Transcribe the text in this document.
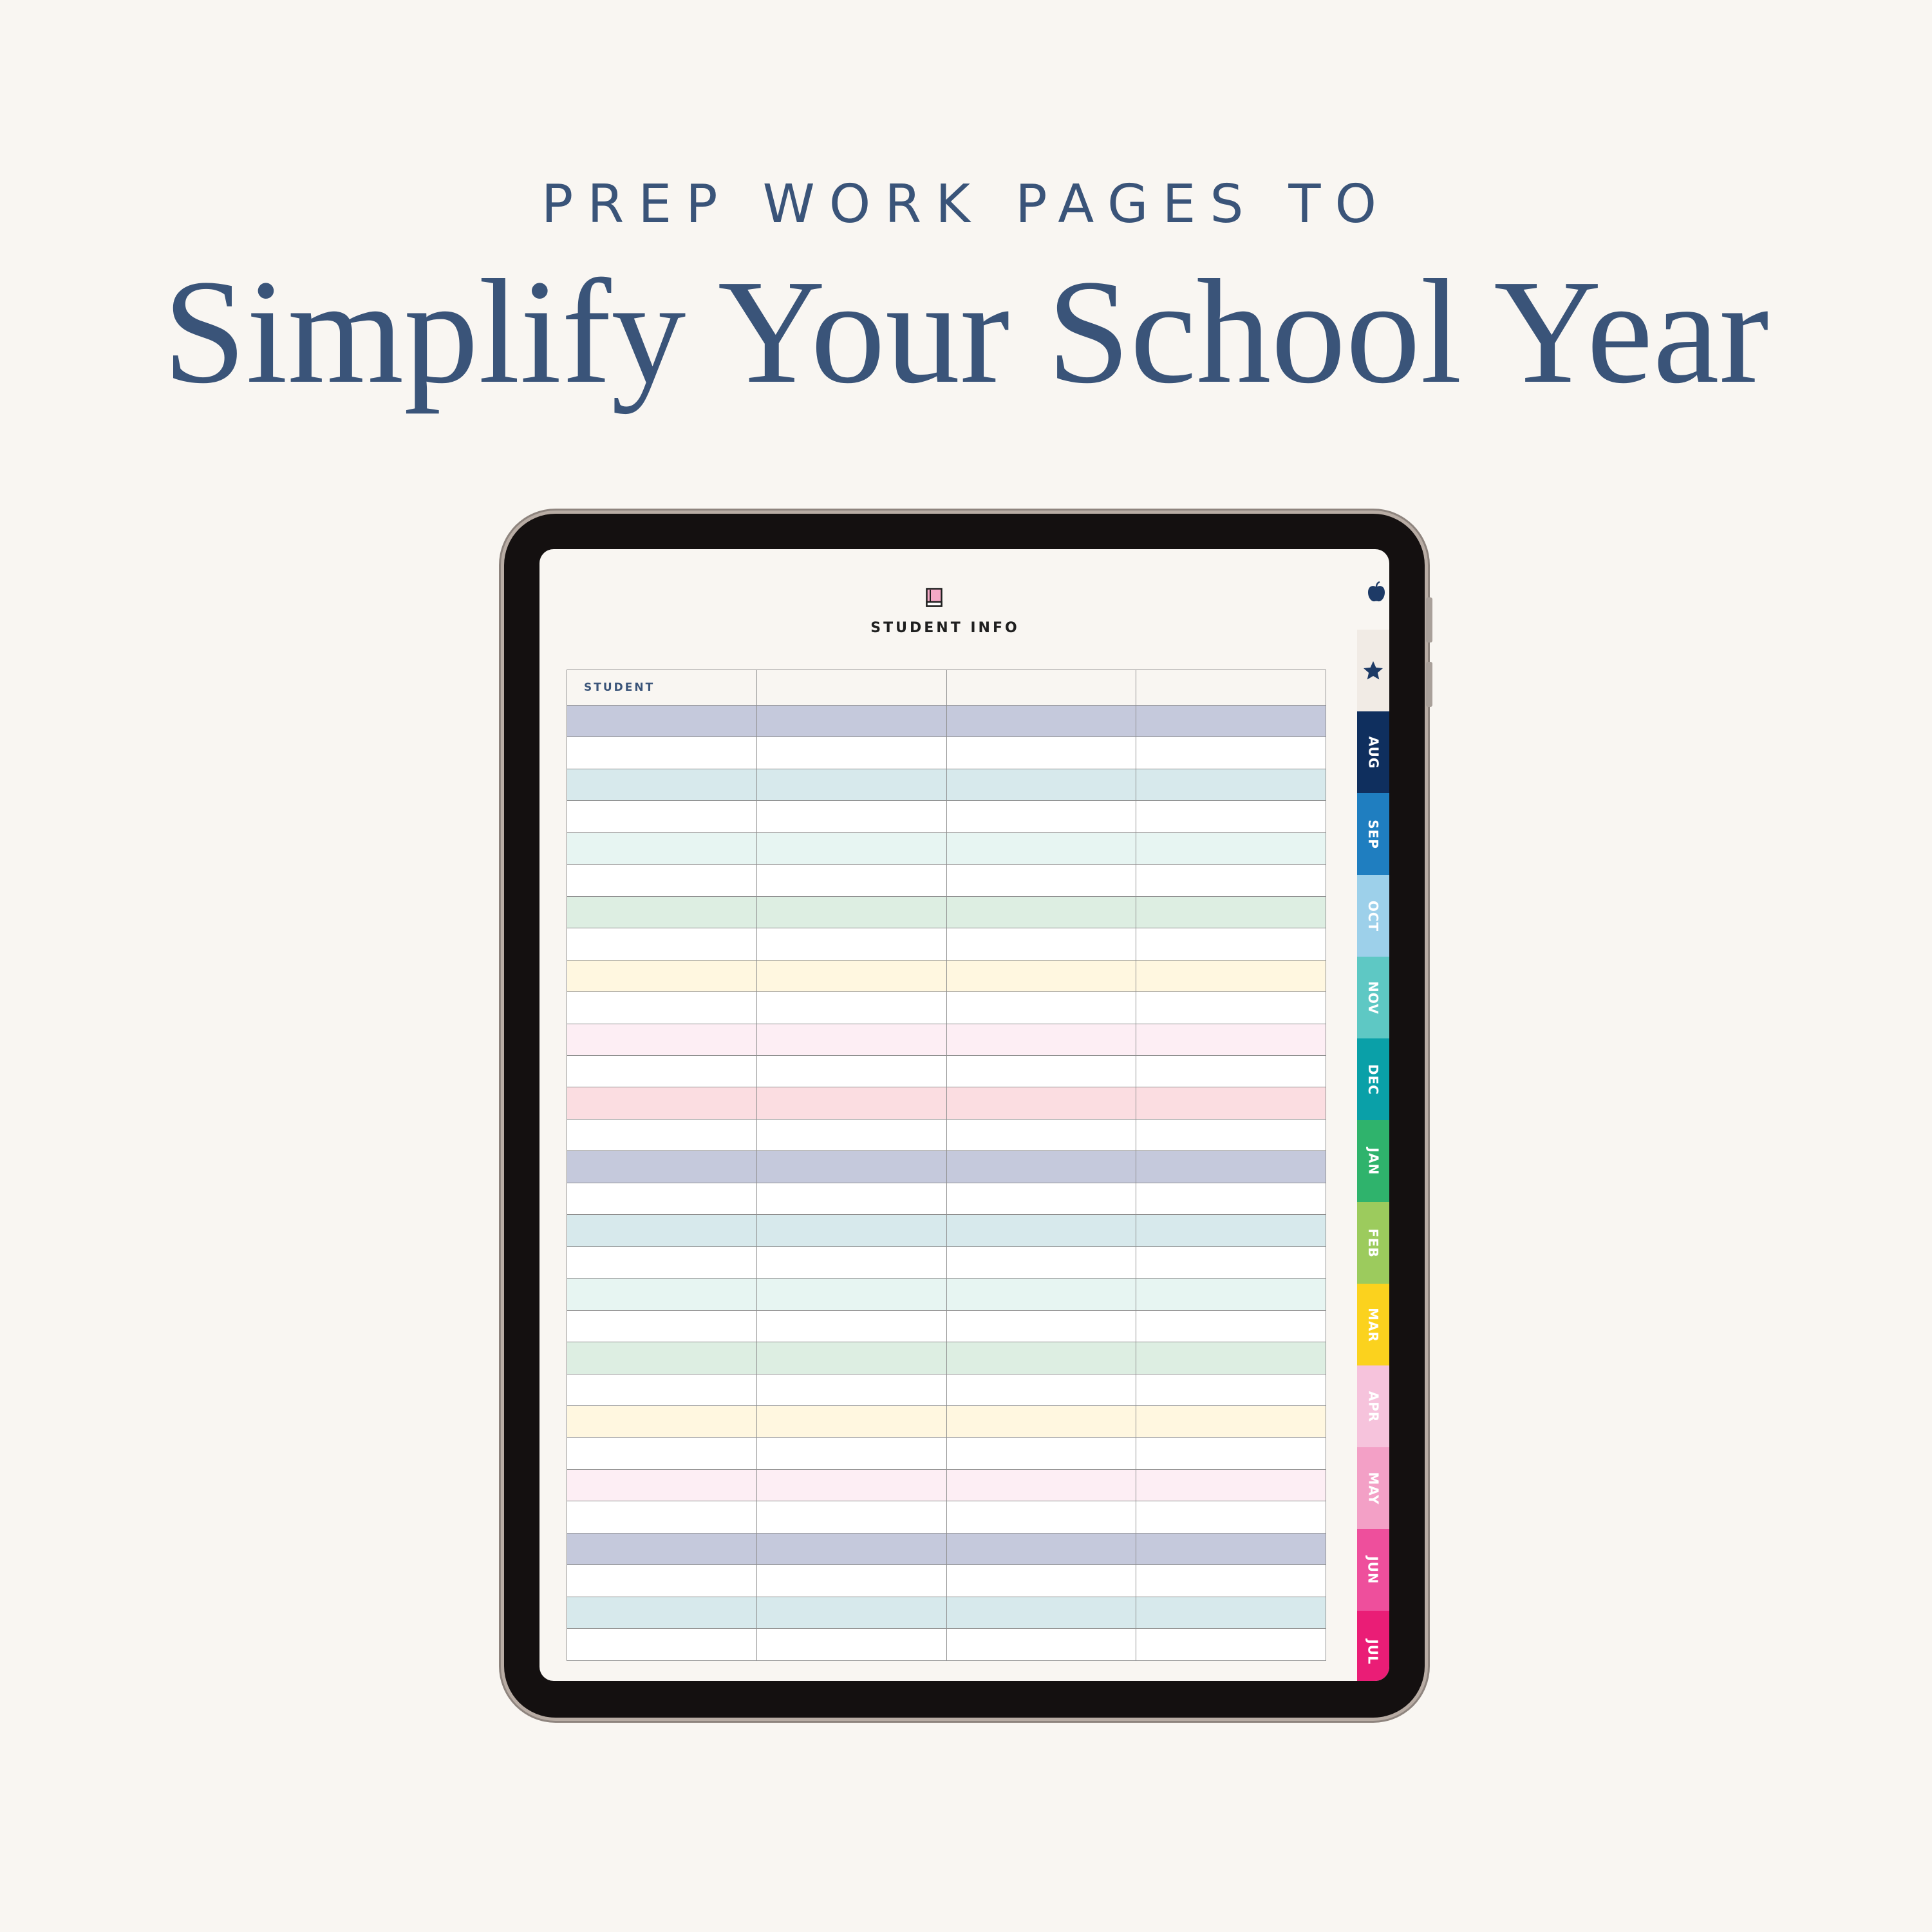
PREP WORK PAGES TO
Simplify Your School Year
STUDENT INFO
STUDENT			

AUG
SEP
OCT
NOV
DEC
JAN
FEB
MAR
APR
MAY
JUN
JUL
